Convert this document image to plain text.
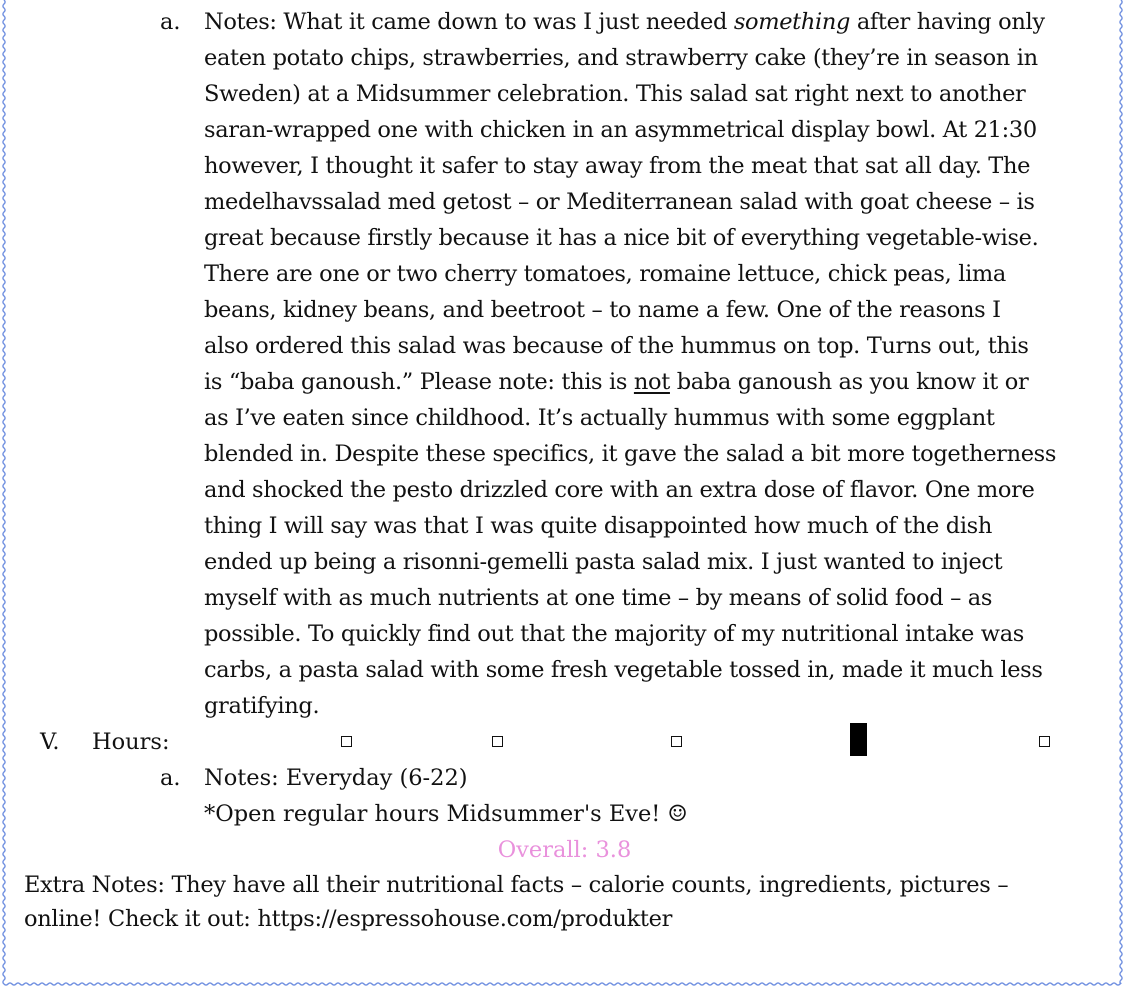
a. Notes: What it came down to was I just needed something after having only
eaten potato chips, strawberries, and strawberry cake (they’re in season in
Sweden) at a Midsummer celebration. This salad sat right next to another
saran-wrapped one with chicken in an asymmetrical display bowl. At 21:30
however, I thought it safer to stay away from the meat that sat all day. The
medelhavssalad med getost – or Mediterranean salad with goat cheese – is
great because firstly because it has a nice bit of everything vegetable-wise.
There are one or two cherry tomatoes, romaine lettuce, chick peas, lima
beans, kidney beans, and beetroot – to name a few. One of the reasons I
also ordered this salad was because of the hummus on top. Turns out, this
is “baba ganoush.” Please note: this is not baba ganoush as you know it or
as I’ve eaten since childhood. It’s actually hummus with some eggplant
blended in. Despite these specifics, it gave the salad a bit more togetherness
and shocked the pesto drizzled core with an extra dose of flavor. One more
thing I will say was that I was quite disappointed how much of the dish
ended up being a risonni-gemelli pasta salad mix. I just wanted to inject
myself with as much nutrients at one time – by means of solid food – as
possible. To quickly find out that the majority of my nutritional intake was
carbs, a pasta salad with some fresh vegetable tossed in, made it much less
gratifying.
V. Hours:
a. Notes: Everyday (6-22)
*Open regular hours Midsummer's Eve! ☺
Overall: 3.8
Extra Notes: They have all their nutritional facts – calorie counts, ingredients, pictures –
online! Check it out: https://espressohouse.com/produkter
